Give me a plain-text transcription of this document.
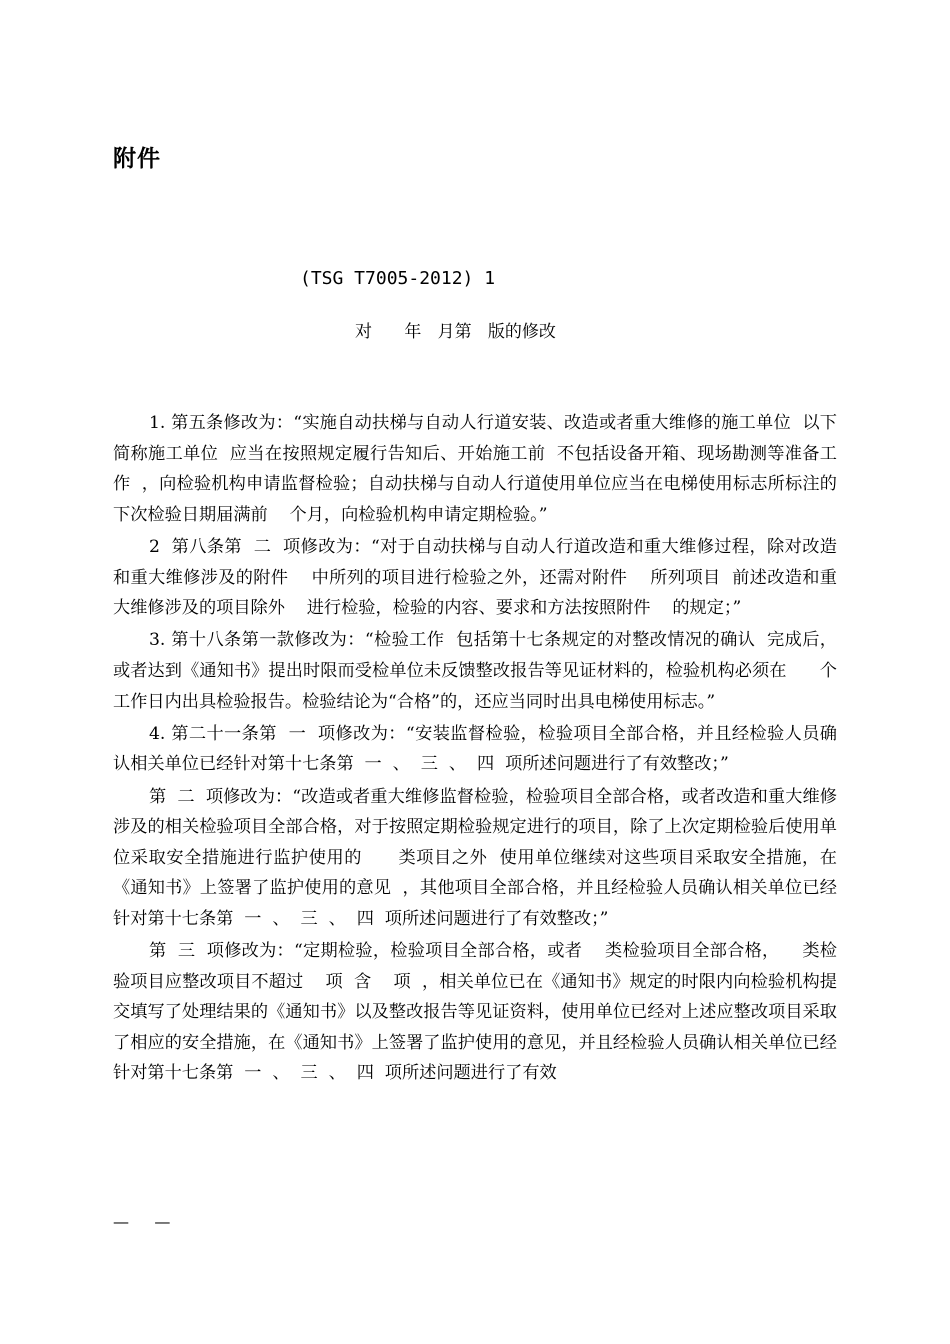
附件
(TSG T7005-2012) 1
对      年   月第   版的修改

1. 第五条修改为：“实施自动扶梯与自动人行道安装、改造或者重大维修的施工单位  以下简称施工单位  应当在按照规定履行告知后、开始施工前  不包括设备开箱、现场勘测等准备工作  ，向检验机构申请监督检验；自动扶梯与自动人行道使用单位应当在电梯使用标志所标注的下次检验日期届满前    个月，向检验机构申请定期检验。”

2  第八条第  二  项修改为：“对于自动扶梯与自动人行道改造和重大维修过程，除对改造和重大维修涉及的附件    中所列的项目进行检验之外，还需对附件    所列项目  前述改造和重大维修涉及的项目除外    进行检验，检验的内容、要求和方法按照附件    的规定；”

3. 第十八条第一款修改为：“检验工作  包括第十七条规定的对整改情况的确认  完成后，或者达到《通知书》提出时限而受检单位未反馈整改报告等见证材料的，检验机构必须在      个工作日内出具检验报告。检验结论为“合格”的，还应当同时出具电梯使用标志。”

4. 第二十一条第  一  项修改为：“安装监督检验，检验项目全部合格，并且经检验人员确认相关单位已经针对第十七条第  一  、  三  、  四  项所述问题进行了有效整改；”

第  二  项修改为：“改造或者重大维修监督检验，检验项目全部合格，或者改造和重大维修涉及的相关检验项目全部合格，对于按照定期检验规定进行的项目，除了上次定期检验后使用单位采取安全措施进行监护使用的      类项目之外  使用单位继续对这些项目采取安全措施，在《通知书》上签署了监护使用的意见  ，其他项目全部合格，并且经检验人员确认相关单位已经针对第十七条第  一  、  三  、  四  项所述问题进行了有效整改；”

第  三  项修改为：“定期检验，检验项目全部合格，或者    类检验项目全部合格，    类检验项目应整改项目不超过    项  含    项  ，相关单位已在《通知书》规定的时限内向检验机构提交填写了处理结果的《通知书》以及整改报告等见证资料，使用单位已经对上述应整改项目采取了相应的安全措施，在《通知书》上签署了监护使用的意见，并且经检验人员确认相关单位已经针对第十七条第  一  、  三  、  四  项所述问题进行了有效

—     —
